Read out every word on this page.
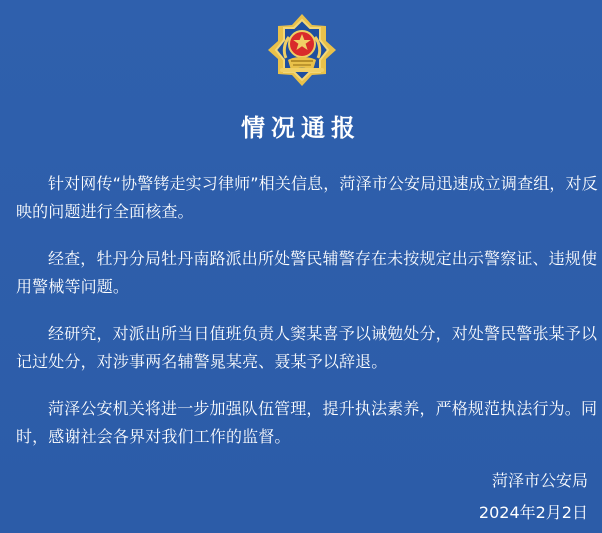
情况通报

针对网传“协警铐走实习律师”相关信息，菏泽市公安局迅速成立调查组，对反映的问题进行全面核查。

经查，牡丹分局牡丹南路派出所处警民辅警存在未按规定出示警察证、违规使用警械等问题。

经研究，对派出所当日值班负责人窦某喜予以诫勉处分，对处警民警张某予以记过处分，对涉事两名辅警晁某亮、聂某予以辞退。

菏泽公安机关将进一步加强队伍管理，提升执法素养，严格规范执法行为。同时，感谢社会各界对我们工作的监督。

菏泽市公安局
2024年2月2日
